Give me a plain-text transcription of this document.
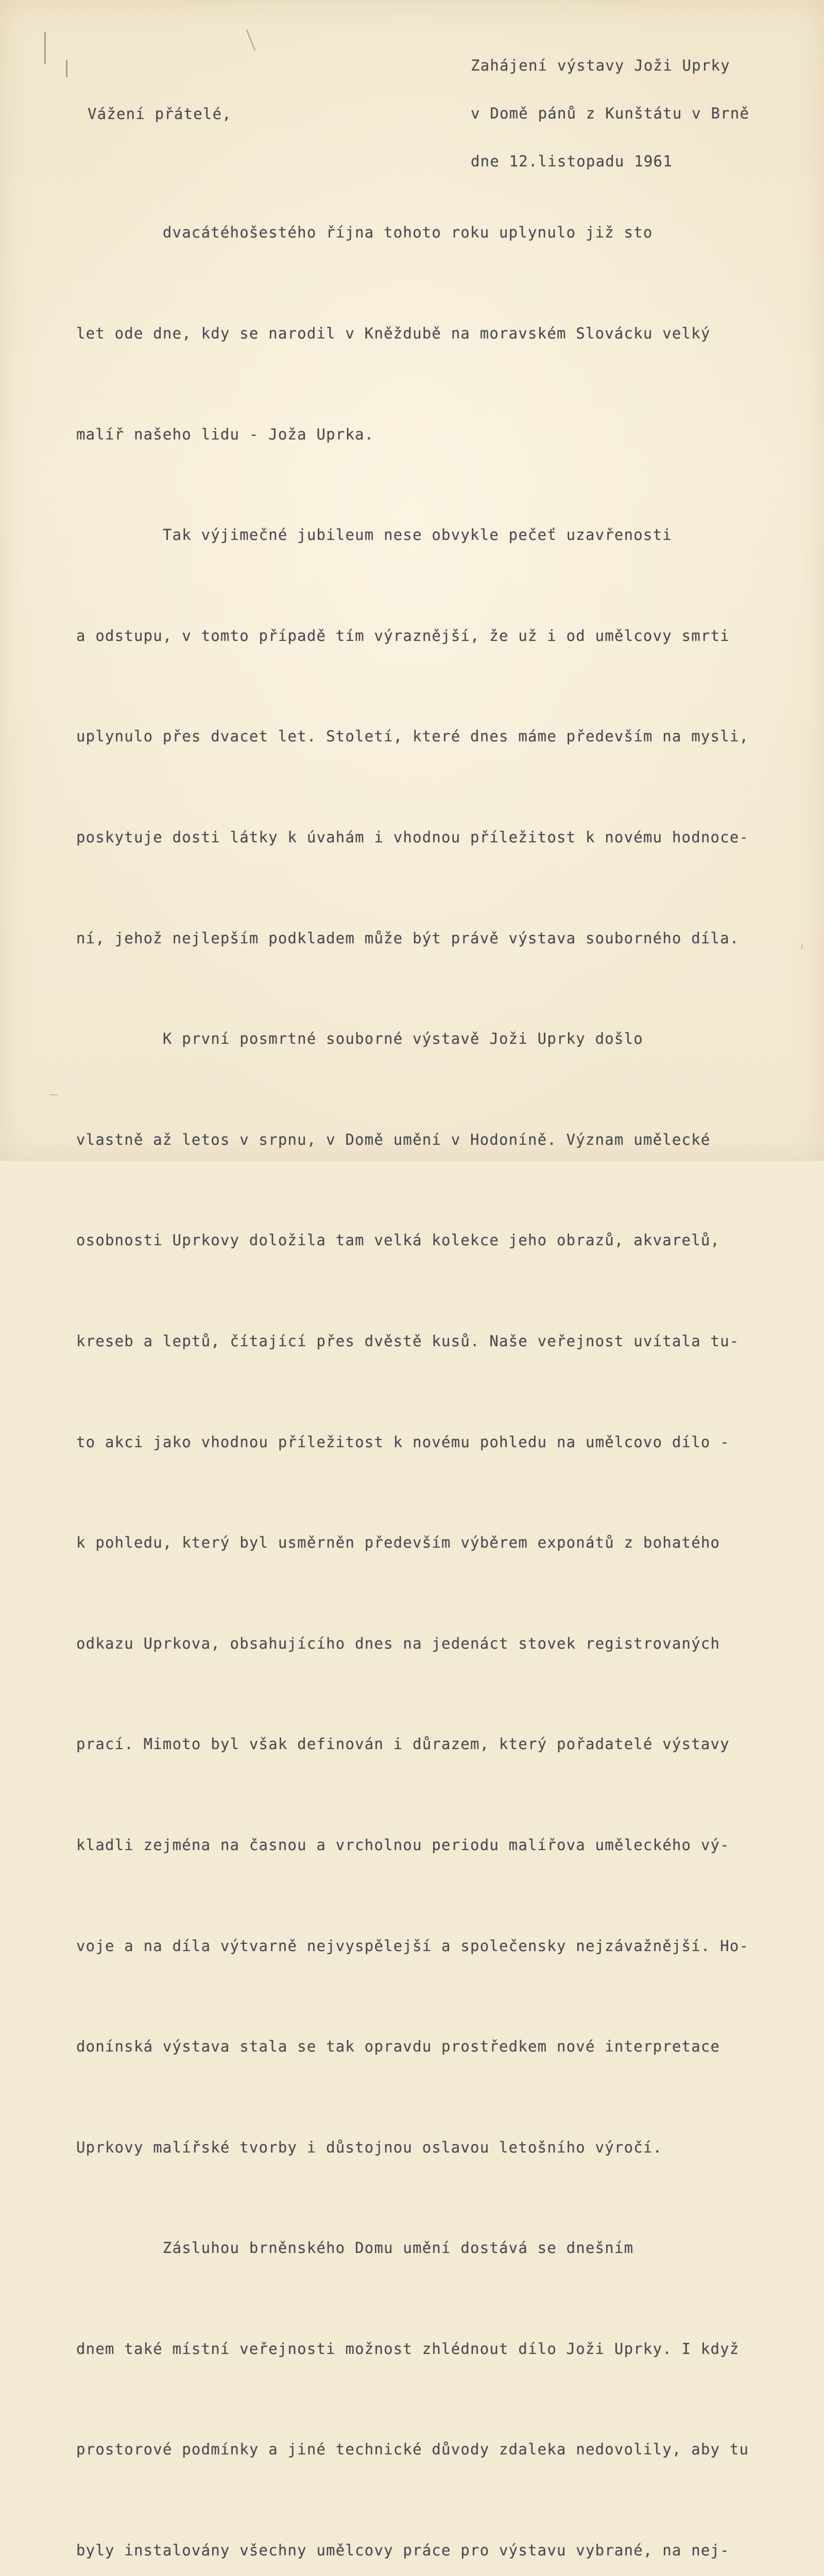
Zahájení výstavy Joži Uprky

v Domě pánů z Kunštátu v Brně

dne 12.listopadu 1961

Vážení přátelé,

dvacátéhošestého října tohoto roku uplynulo již sto

let ode dne, kdy se narodil v Kněždubě na moravském Slovácku velký

malíř našeho lidu - Joža Uprka.

Tak výjimečné jubileum nese obvykle pečeť uzavřenosti

a odstupu, v tomto případě tím výraznější, že už i od umělcovy smrti

uplynulo přes dvacet let. Století, které dnes máme především na mysli,

poskytuje dosti látky k úvahám i vhodnou příležitost k novému hodnoce-

ní, jehož nejlepším podkladem může být právě výstava souborného díla.

K první posmrtné souborné výstavě Joži Uprky došlo

vlastně až letos v srpnu, v Domě umění v Hodoníně. Význam umělecké

osobnosti Uprkovy doložila tam velká kolekce jeho obrazů, akvarelů,

kreseb a leptů, čítající přes dvěstě kusů. Naše veřejnost uvítala tu-

to akci jako vhodnou příležitost k novému pohledu na umělcovo dílo -

k pohledu, který byl usměrněn především výběrem exponátů z bohatého

odkazu Uprkova, obsahujícího dnes na jedenáct stovek registrovaných

prací. Mimoto byl však definován i důrazem, který pořadatelé výstavy

kladli zejména na časnou a vrcholnou periodu malířova uměleckého vý-

voje a na díla výtvarně nejvyspělejší a společensky nejzávažnější. Ho-

donínská výstava stala se tak opravdu prostředkem nové interpretace

Uprkovy malířské tvorby i důstojnou oslavou letošního výročí.

Zásluhou brněnského Domu umění dostává se dnešním

dnem také místní veřejnosti možnost zhlédnout dílo Joži Uprky. I když

prostorové podmínky a jiné technické důvody zdaleka nedovolily, aby tu

byly instalovány všechny umělcovy práce pro výstavu vybrané, na nej-
